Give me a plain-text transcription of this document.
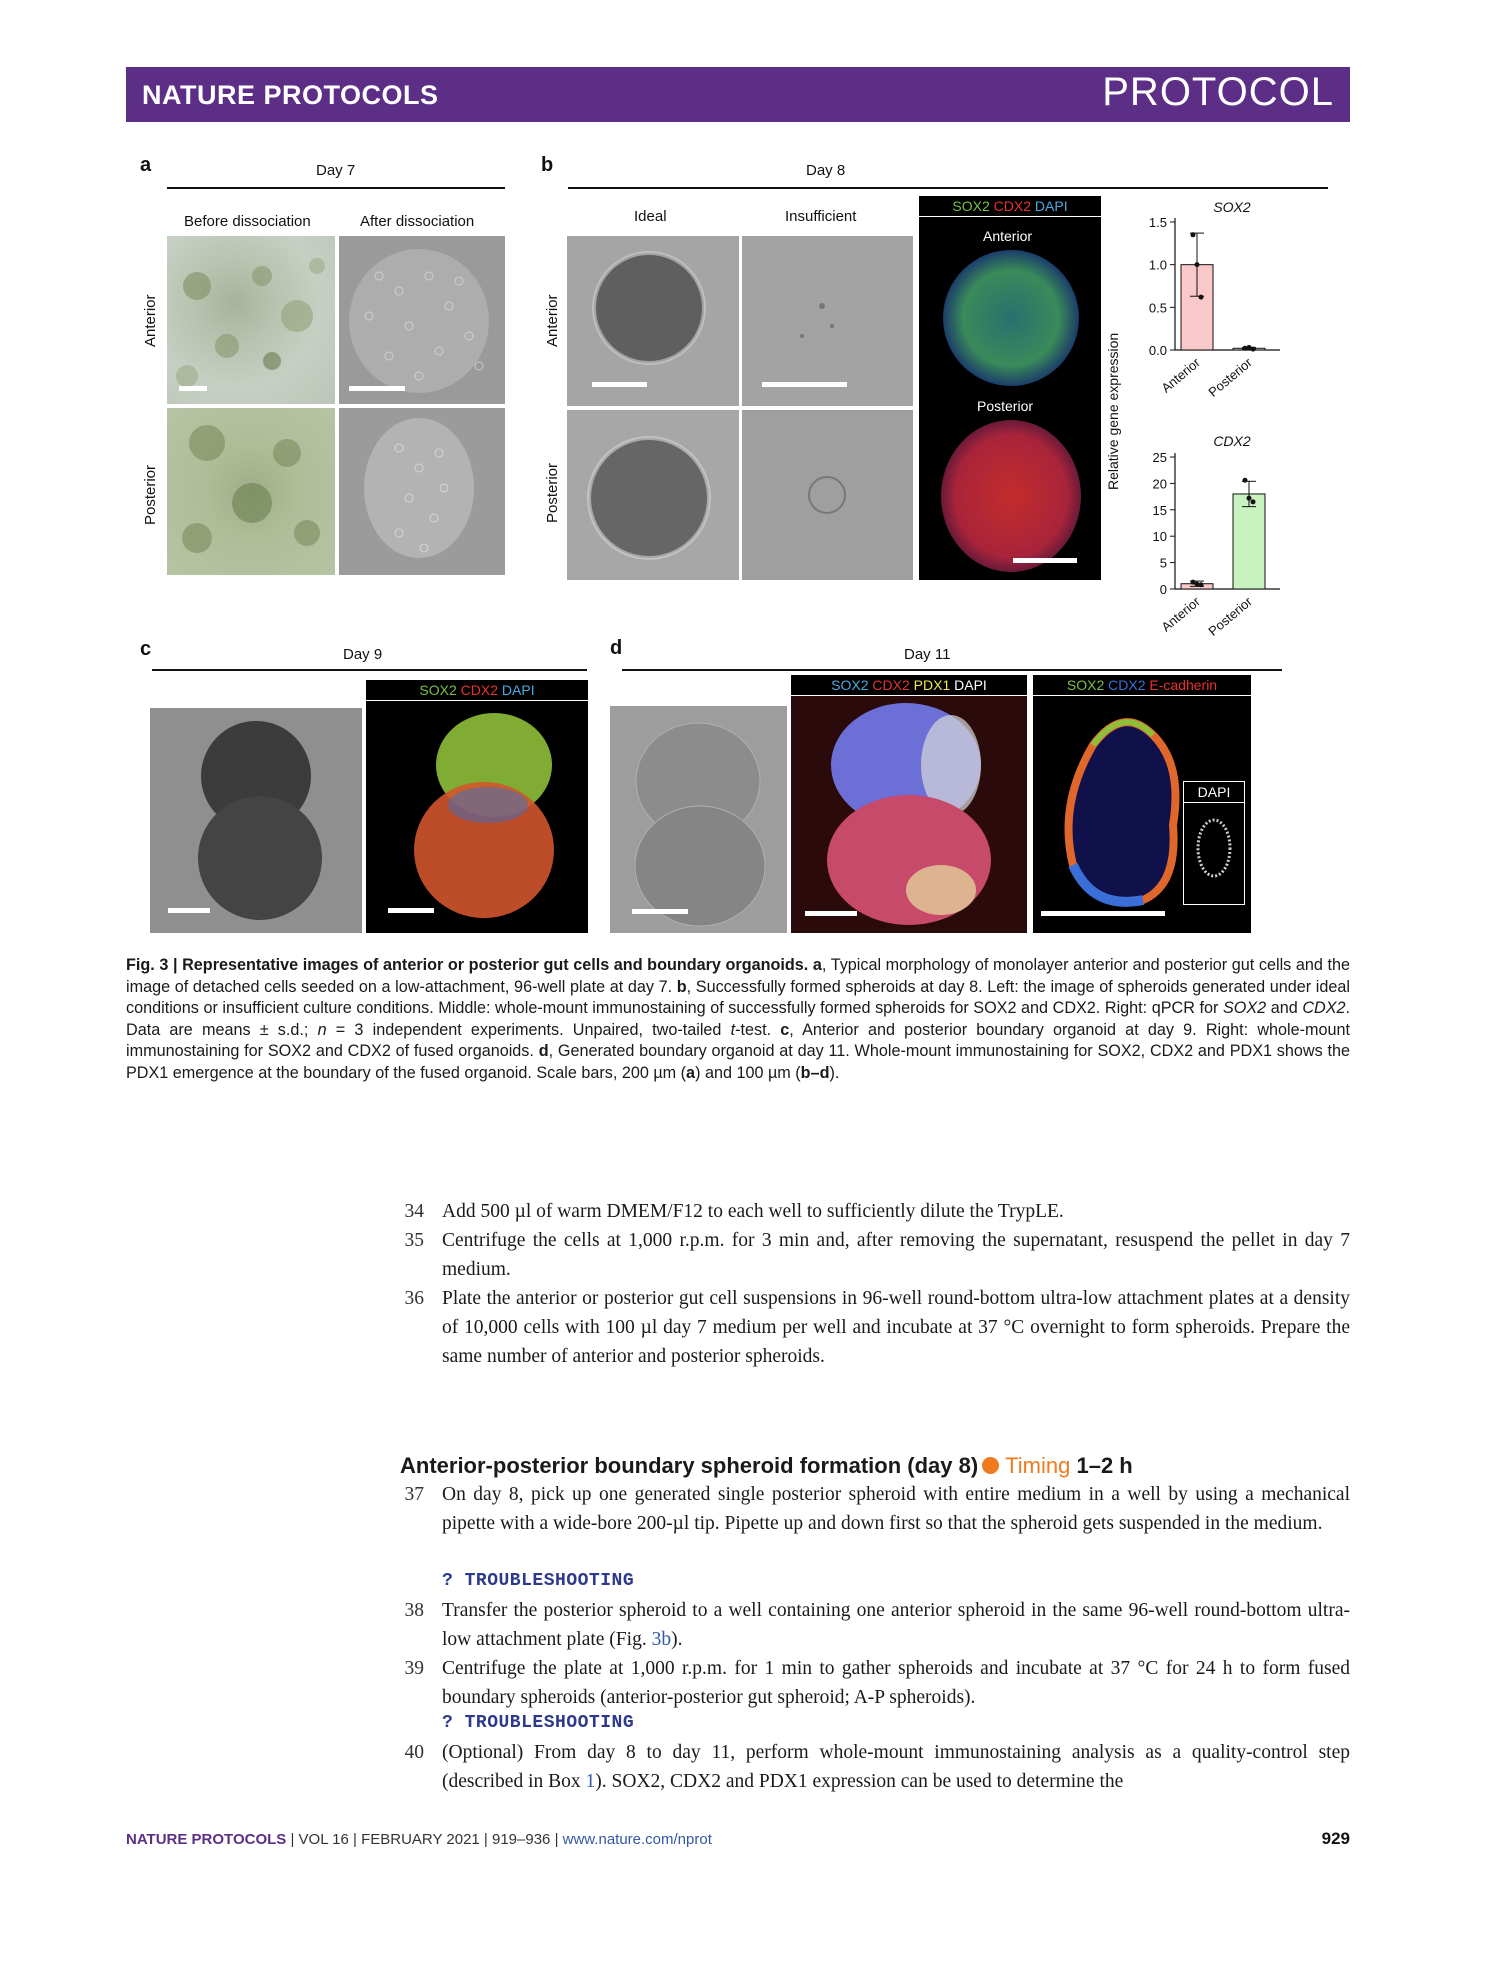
NATURE PROTOCOLS	PROTOCOL
a	Day 7
Before dissociation	After dissociation
Anterior
Posterior
b	Day 8
Ideal	Insufficient
Anterior
Posterior
SOX2 CDX2 DAPI
Anterior
Posterior	Relative gene expression
SOX2
0.0
0.5
1.0
1.5
Anterior Posterior
CDX2
0
5
10
15
20
25
Anterior Posterior
c	Day 9
SOX2 CDX2 DAPI
d	Day 11
SOX2 CDX2 PDX1 DAPI	SOX2 CDX2 E-cadherin
DAPI
Fig. 3 | Representative images of anterior or posterior gut cells and boundary organoids. a, Typical morphology of monolayer anterior and posterior gut cells and the image of detached cells seeded on a low-attachment, 96-well plate at day 7. b, Successfully formed spheroids at day 8. Left: the image of spheroids generated under ideal conditions or insufficient culture conditions. Middle: whole-mount immunostaining of successfully formed spheroids for SOX2 and CDX2. Right: qPCR for SOX2 and CDX2. Data are means ± s.d.; n = 3 independent experiments. Unpaired, two-tailed t-test. c, Anterior and posterior boundary organoid at day 9. Right: whole-mount immunostaining for SOX2 and CDX2 of fused organoids. d, Generated boundary organoid at day 11. Whole-mount immunostaining for SOX2, CDX2 and PDX1 shows the PDX1 emergence at the boundary of the fused organoid. Scale bars, 200 µm (a) and 100 µm (b–d).
34 Add 500 µl of warm DMEM/F12 to each well to sufficiently dilute the TrypLE.
35 Centrifuge the cells at 1,000 r.p.m. for 3 min and, after removing the supernatant, resuspend the pellet in day 7 medium.
36 Plate the anterior or posterior gut cell suspensions in 96-well round-bottom ultra-low attachment plates at a density of 10,000 cells with 100 µl day 7 medium per well and incubate at 37 °C overnight to form spheroids. Prepare the same number of anterior and posterior spheroids.
Anterior-posterior boundary spheroid formation (day 8) Timing 1–2 h
37 On day 8, pick up one generated single posterior spheroid with entire medium in a well by using a mechanical pipette with a wide-bore 200-µl tip. Pipette up and down first so that the spheroid gets suspended in the medium.
? TROUBLESHOOTING
38 Transfer the posterior spheroid to a well containing one anterior spheroid in the same 96-well round-bottom ultra-low attachment plate (Fig. 3b).
39 Centrifuge the plate at 1,000 r.p.m. for 1 min to gather spheroids and incubate at 37 °C for 24 h to form fused boundary spheroids (anterior-posterior gut spheroid; A-P spheroids).
? TROUBLESHOOTING
40 (Optional) From day 8 to day 11, perform whole-mount immunostaining analysis as a quality-control step (described in Box 1). SOX2, CDX2 and PDX1 expression can be used to determine the
NATURE PROTOCOLS | VOL 16 | FEBRUARY 2021 | 919–936 | www.nature.com/nprot	929
